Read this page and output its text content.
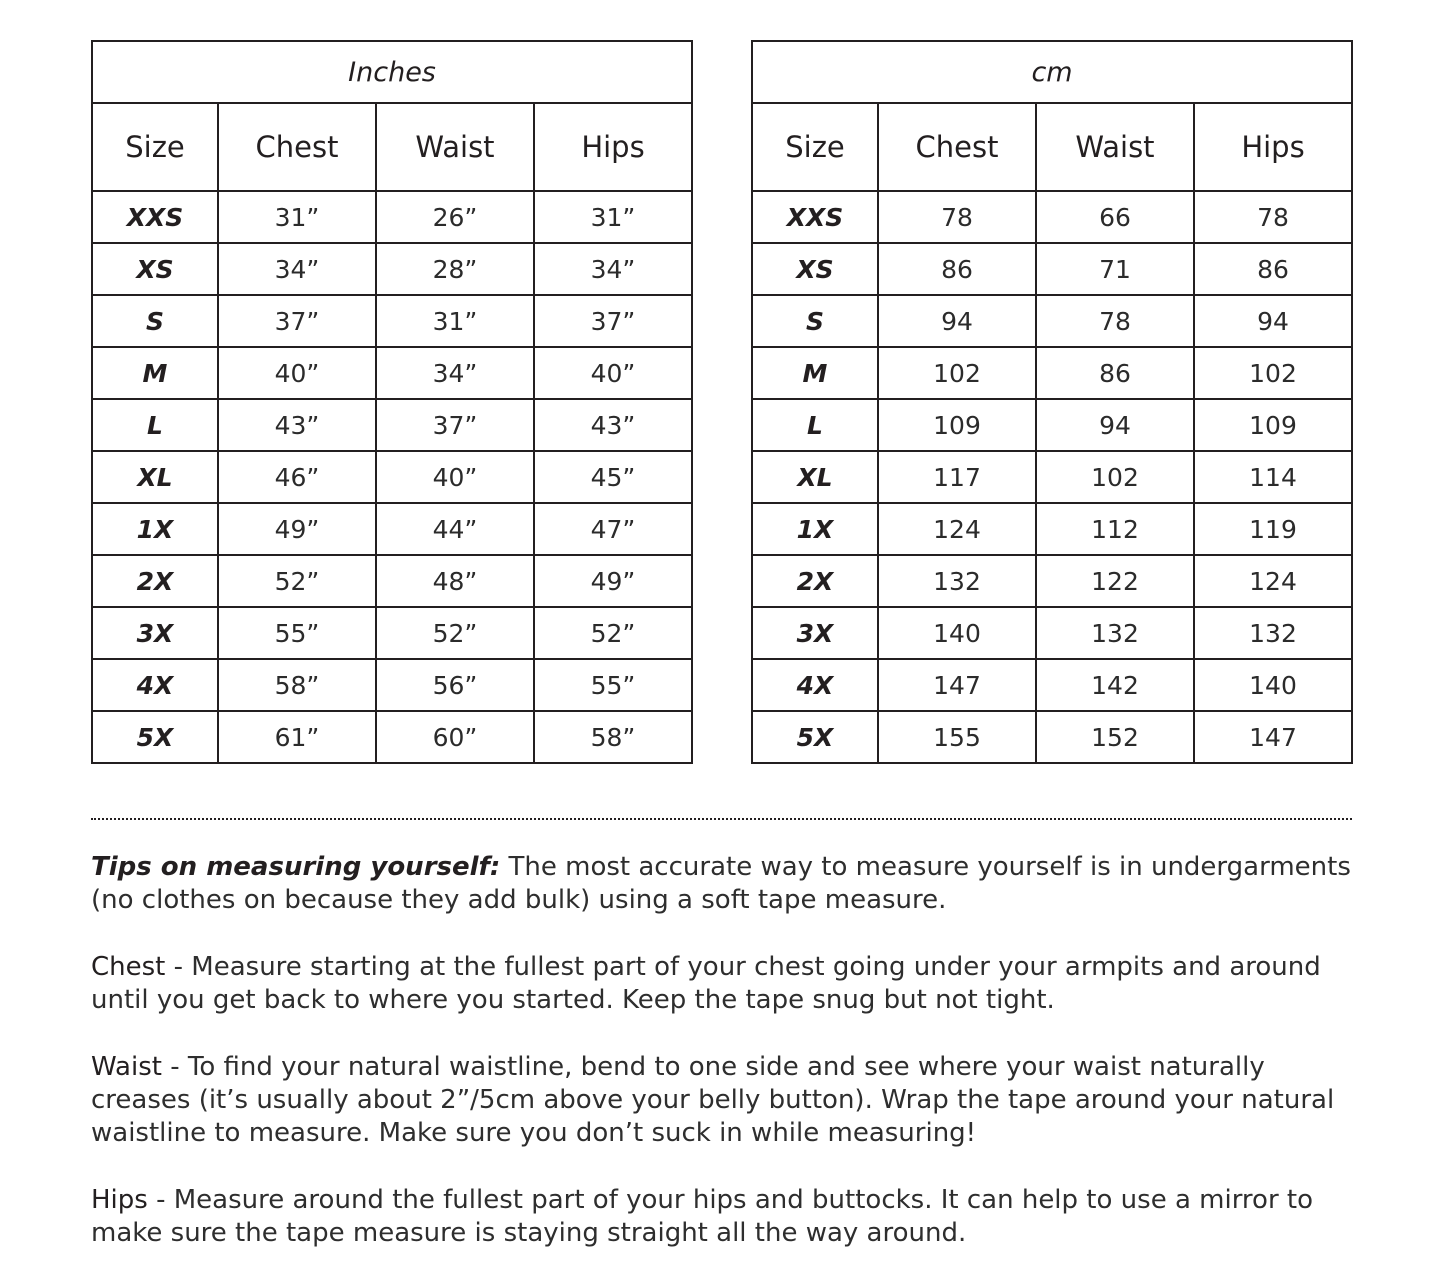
Inches			
Size	Chest	Waist	Hips
XXS	31”	26”	31”
XS	34”	28”	34”
S	37”	31”	37”
M	40”	34”	40”
L	43”	37”	43”
XL	46”	40”	45”
1X	49”	44”	47”
2X	52”	48”	49”
3X	55”	52”	52”
4X	58”	56”	55”
5X	61”	60”	58”
cm			
Size	Chest	Waist	Hips
XXS	78	66	78
XS	86	71	86
S	94	78	94
M	102	86	102
L	109	94	109
XL	117	102	114
1X	124	112	119
2X	132	122	124
3X	140	132	132
4X	147	142	140
5X	155	152	147

Tips on measuring yourself: The most accurate way to measure yourself is in undergarments (no clothes on because they add bulk) using a soft tape measure.

Chest - Measure starting at the fullest part of your chest going under your armpits and around until you get back to where you started. Keep the tape snug but not tight.

Waist - To find your natural waistline, bend to one side and see where your waist naturally creases (it’s usually about 2”/5cm above your belly button). Wrap the tape around your natural waistline to measure. Make sure you don’t suck in while measuring!

Hips - Measure around the fullest part of your hips and buttocks. It can help to use a mirror to make sure the tape measure is staying straight all the way around.
